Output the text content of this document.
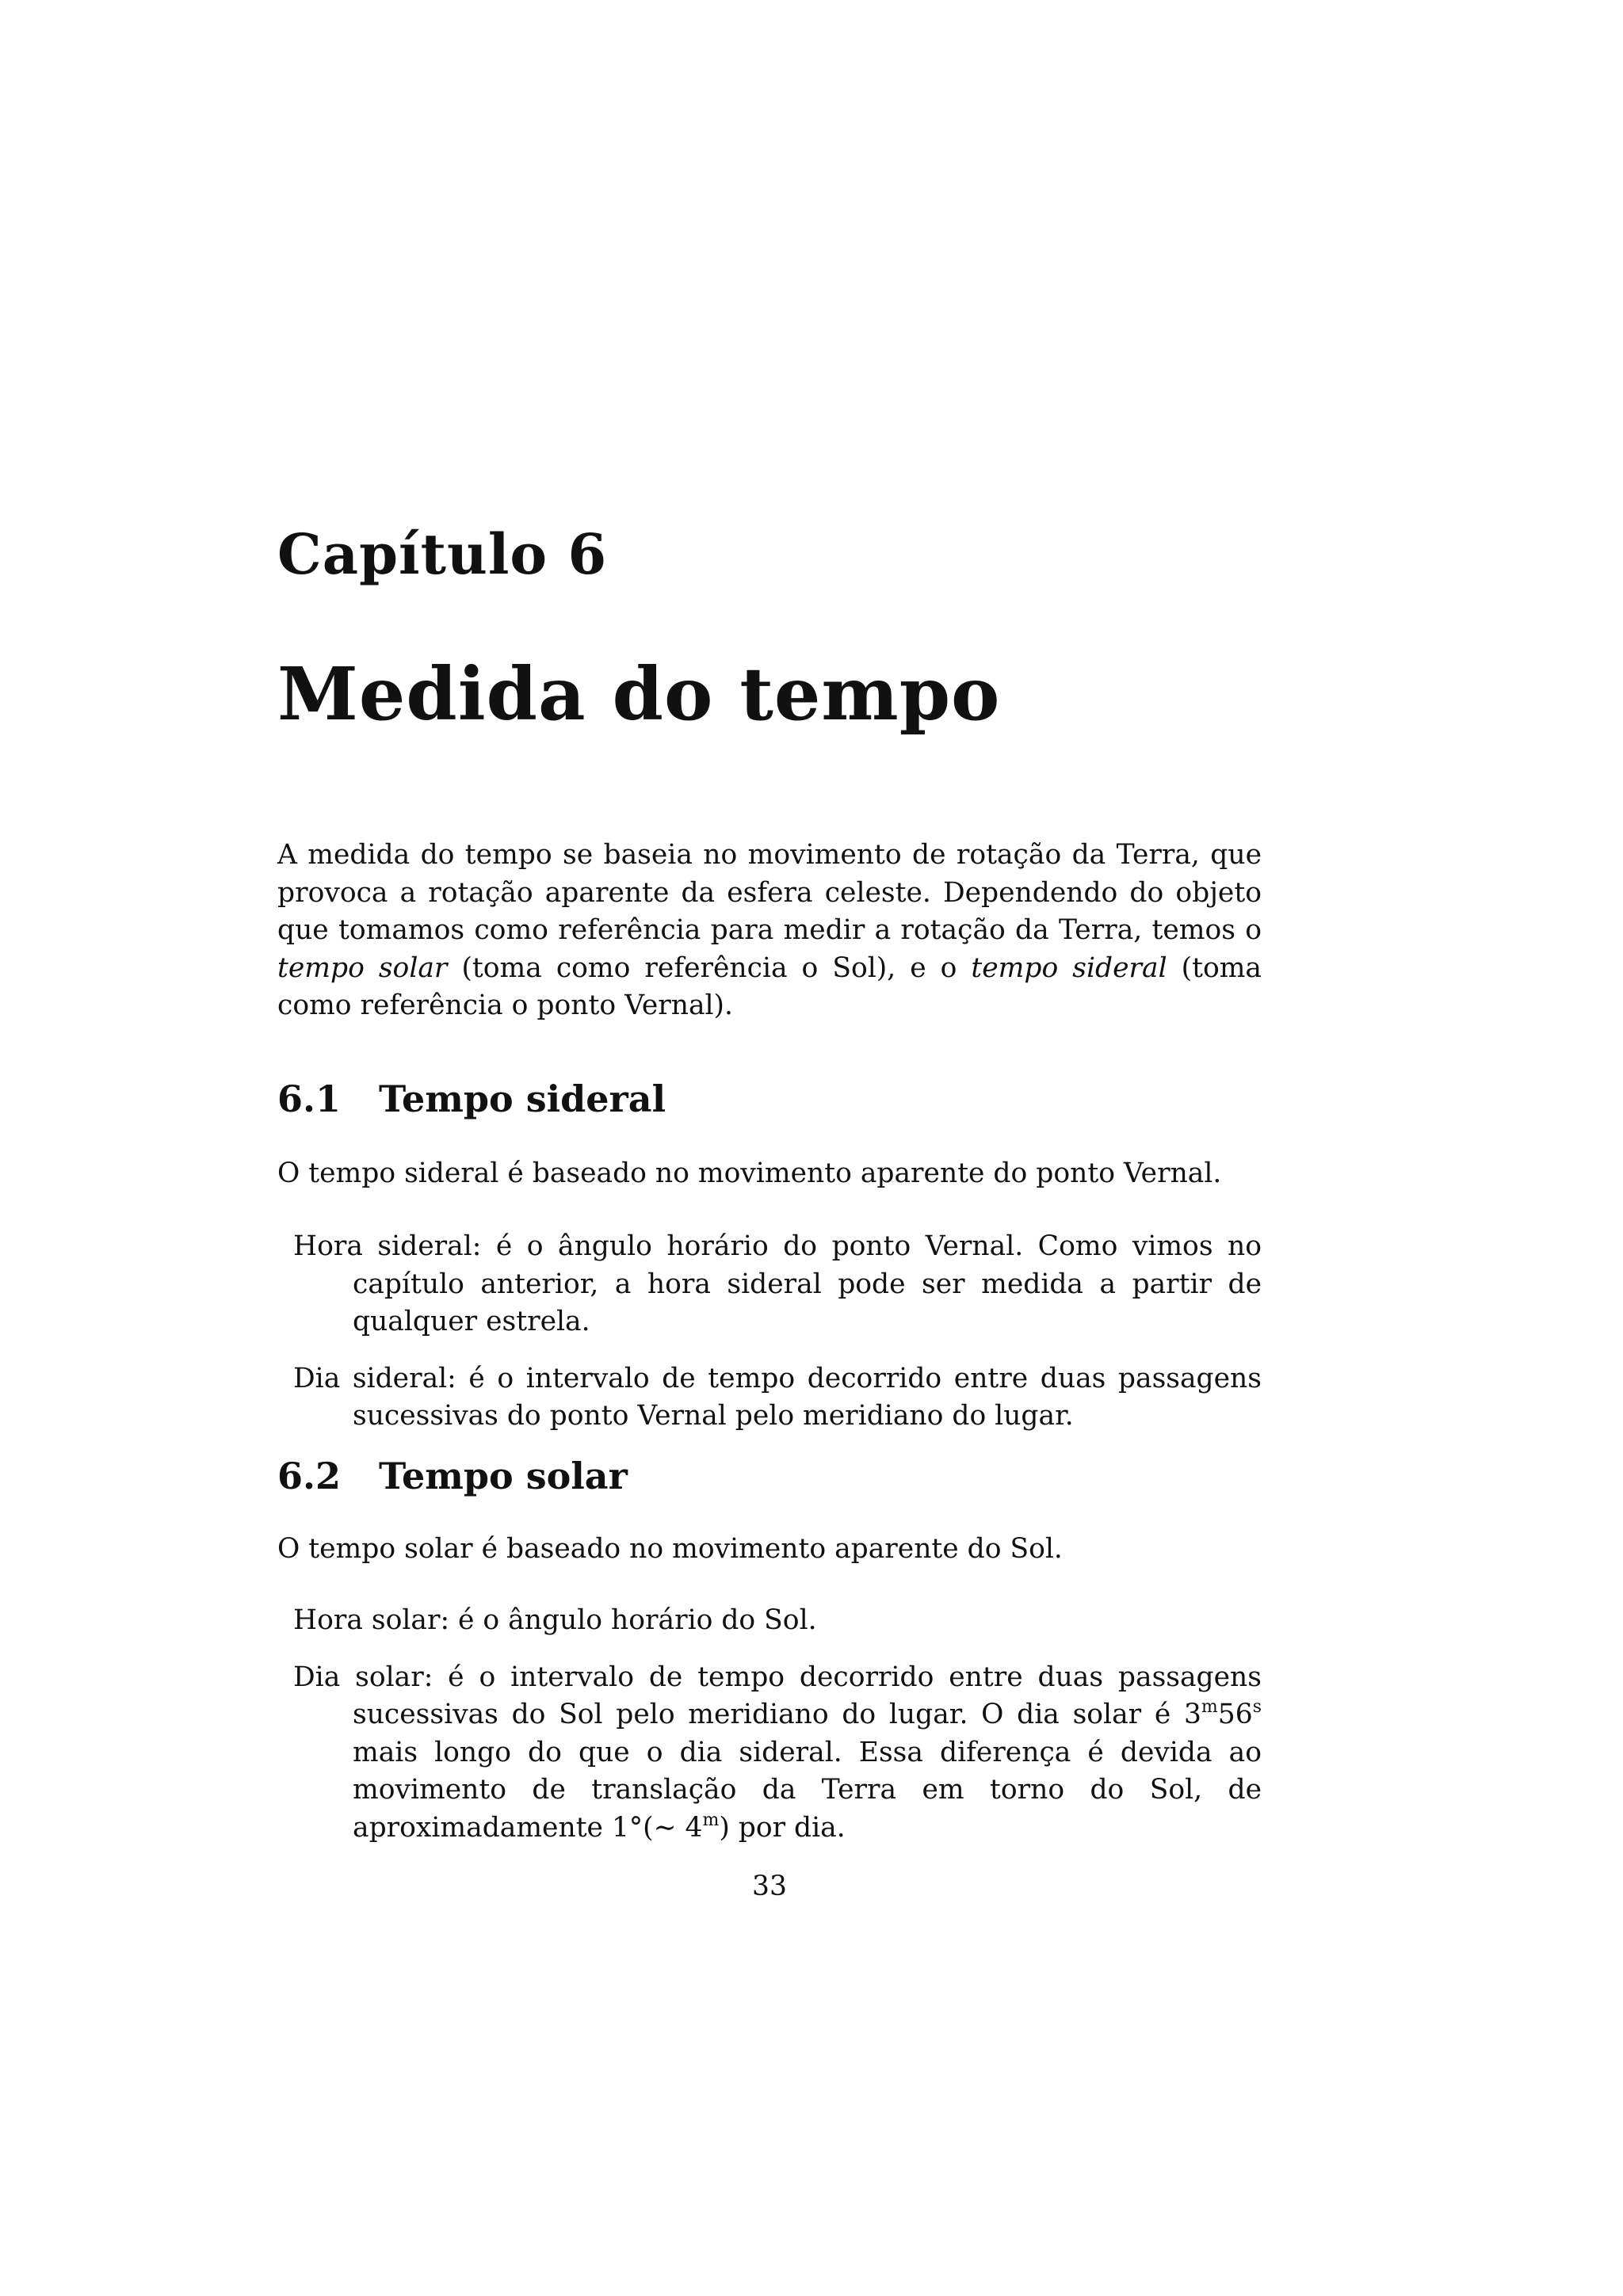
Capítulo 6
Medida do tempo

A medida do tempo se baseia no movimento de rotação da Terra, que provoca a rotação aparente da esfera celeste. Dependendo do objeto que tomamos como referência para medir a rotação da Terra, temos o tempo solar (toma como referência o Sol), e o tempo sideral (toma como referência o ponto Vernal).

6.1 Tempo sideral

O tempo sideral é baseado no movimento aparente do ponto Vernal.

Hora sideral: é o ângulo horário do ponto Vernal. Como vimos no capítulo anterior, a hora sideral pode ser medida a partir de qualquer estrela.

Dia sideral: é o intervalo de tempo decorrido entre duas passagens sucessivas do ponto Vernal pelo meridiano do lugar.

6.2 Tempo solar

O tempo solar é baseado no movimento aparente do Sol.

Hora solar: é o ângulo horário do Sol.

Dia solar: é o intervalo de tempo decorrido entre duas passagens sucessivas do Sol pelo meridiano do lugar. O dia solar é 3$^m$56$^s$ mais longo do que o dia sideral. Essa diferença é devida ao movimento de translação da Terra em torno do Sol, de aproximadamente 1°(∼ 4$^m$) por dia.

33
